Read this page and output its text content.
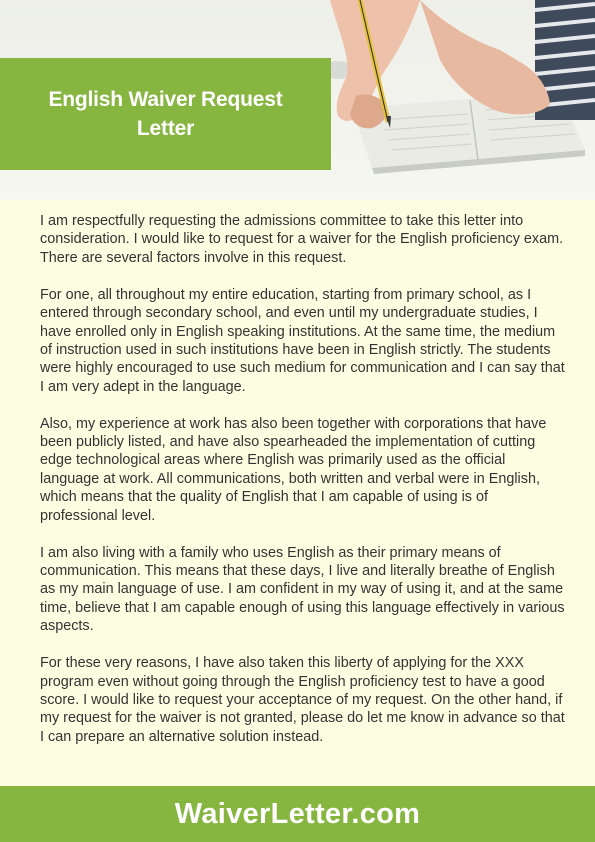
English Waiver Request Letter

I am respectfully requesting the admissions committee to take this letter into consideration. I would like to request for a waiver for the English proficiency exam. There are several factors involve in this request.

For one, all throughout my entire education, starting from primary school, as I entered through secondary school, and even until my undergraduate studies, I have enrolled only in English speaking institutions. At the same time, the medium of instruction used in such institutions have been in English strictly. The students were highly encouraged to use such medium for communication and I can say that I am very adept in the language.

Also, my experience at work has also been together with corporations that have been publicly listed, and have also spearheaded the implementation of cutting edge technological areas where English was primarily used as the official language at work. All communications, both written and verbal were in English, which means that the quality of English that I am capable of using is of professional level.

I am also living with a family who uses English as their primary means of communication. This means that these days, I live and literally breathe of English as my main language of use. I am confident in my way of using it, and at the same time, believe that I am capable enough of using this language effectively in various aspects.

For these very reasons, I have also taken this liberty of applying for the XXX program even without going through the English proficiency test to have a good score. I would like to request your acceptance of my request. On the other hand, if my request for the waiver is not granted, please do let me know in advance so that I can prepare an alternative solution instead.

WaiverLetter.com
